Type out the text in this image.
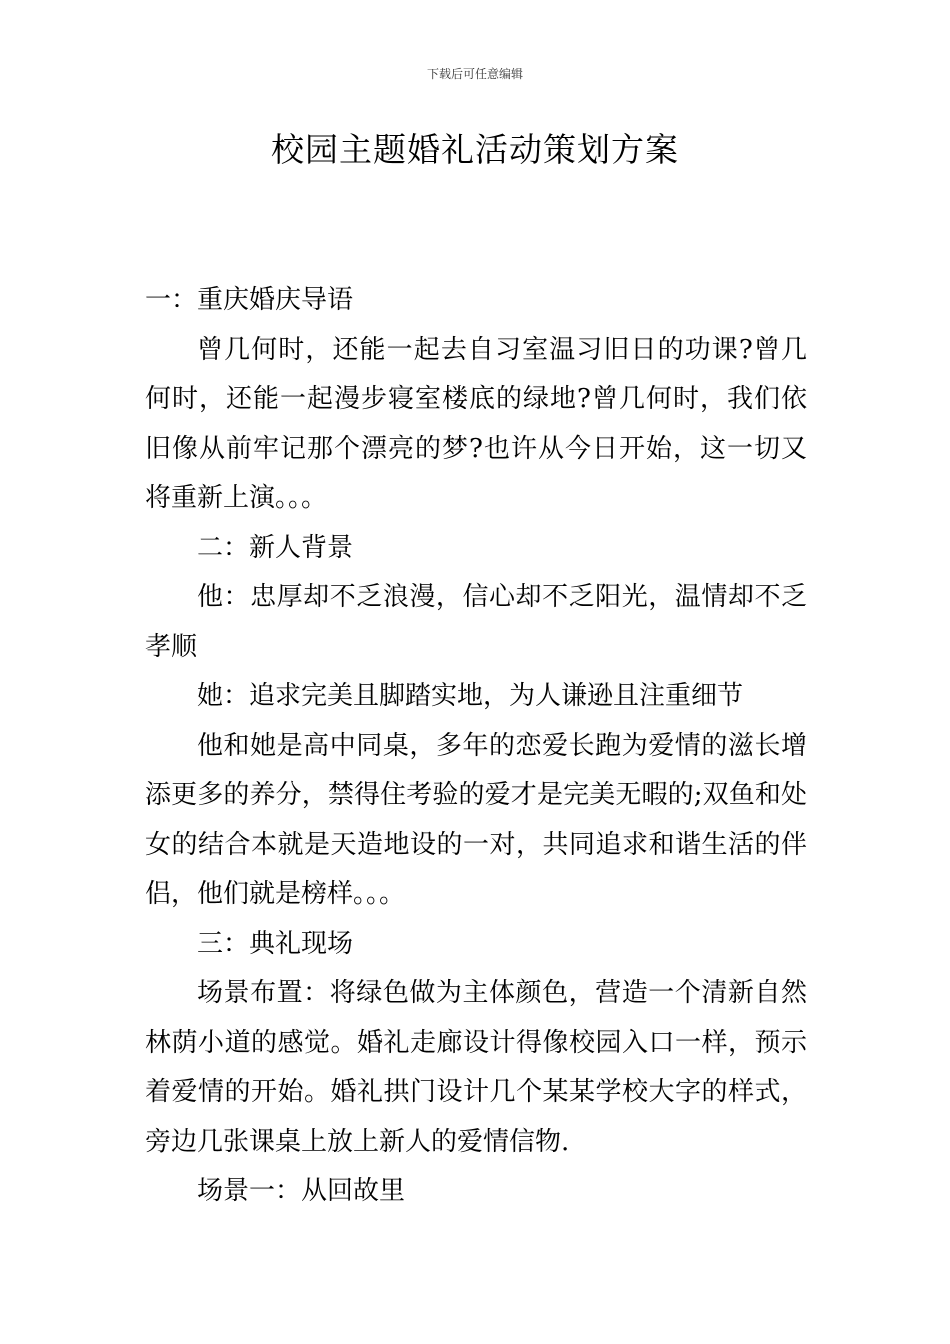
下载后可任意编辑
校园主题婚礼活动策划方案

一：重庆婚庆导语

曾几何时，还能一起去自习室温习旧日的功课?曾几何时，还能一起漫步寝室楼底的绿地?曾几何时，我们依旧像从前牢记那个漂亮的梦?也许从今日开始，这一切又将重新上演。。。

二：新人背景

他：忠厚却不乏浪漫，信心却不乏阳光，温情却不乏孝顺

她：追求完美且脚踏实地，为人谦逊且注重细节

他和她是高中同桌，多年的恋爱长跑为爱情的滋长增添更多的养分，禁得住考验的爱才是完美无暇的;双鱼和处女的结合本就是天造地设的一对，共同追求和谐生活的伴侣，他们就是榜样。。。

三：典礼现场

场景布置：将绿色做为主体颜色，营造一个清新自然林荫小道的感觉。婚礼走廊设计得像校园入口一样，预示着爱情的开始。婚礼拱门设计几个某某学校大字的样式，旁边几张课桌上放上新人的爱情信物.

场景一：从回故里
